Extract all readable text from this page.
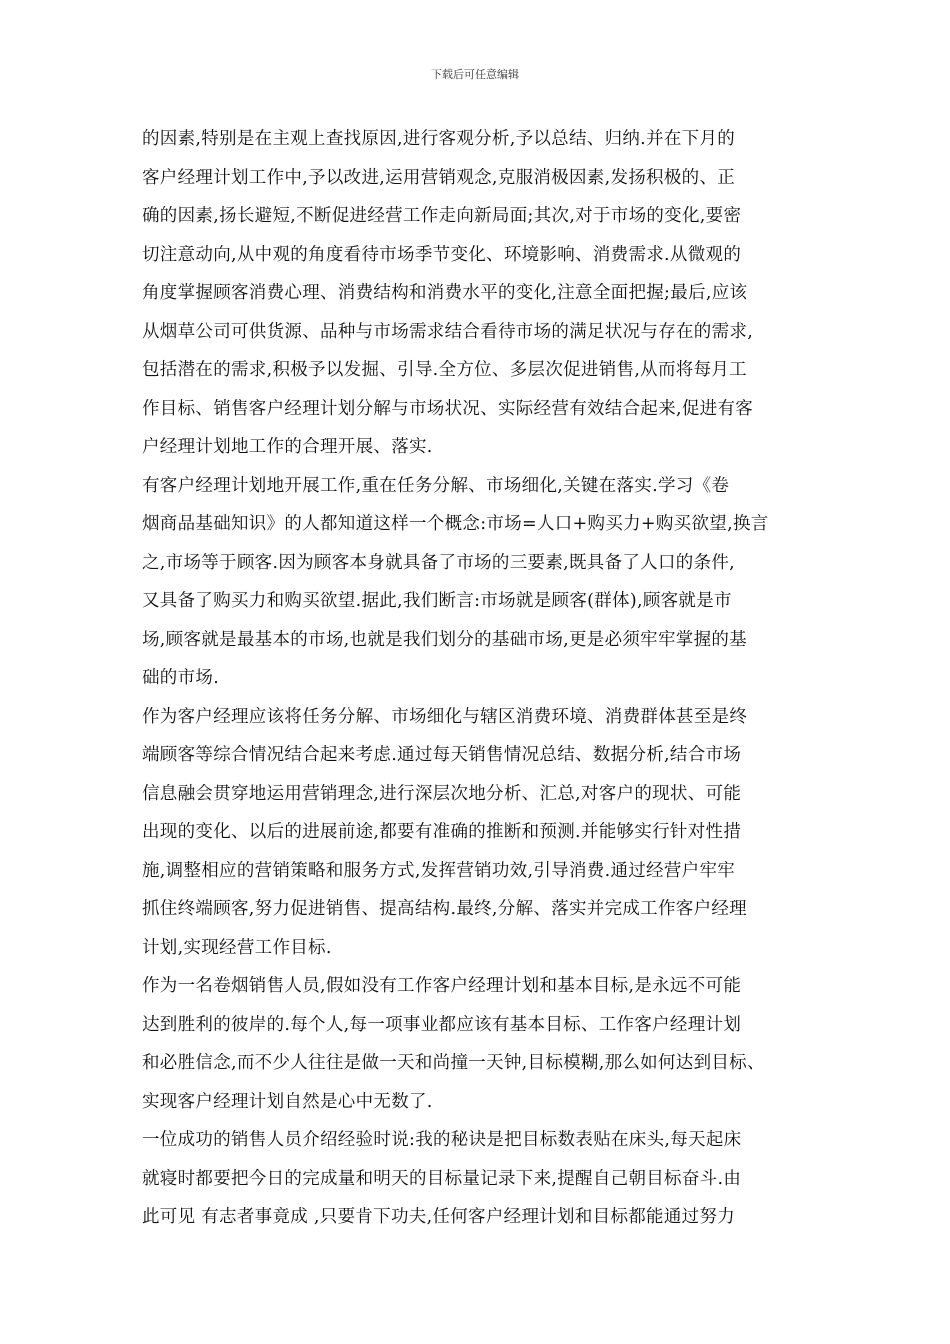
下载后可任意编辑
的因素,特别是在主观上查找原因,进行客观分析,予以总结、归纳.并在下月的
客户经理计划工作中,予以改进,运用营销观念,克服消极因素,发扬积极的、正
确的因素,扬长避短,不断促进经营工作走向新局面;其次,对于市场的变化,要密
切注意动向,从中观的角度看待市场季节变化、环境影响、消费需求.从微观的
角度掌握顾客消费心理、消费结构和消费水平的变化,注意全面把握;最后,应该
从烟草公司可供货源、品种与市场需求结合看待市场的满足状况与存在的需求,
包括潜在的需求,积极予以发掘、引导.全方位、多层次促进销售,从而将每月工
作目标、销售客户经理计划分解与市场状况、实际经营有效结合起来,促进有客
户经理计划地工作的合理开展、落实.
有客户经理计划地开展工作,重在任务分解、市场细化,关键在落实.学习《卷
烟商品基础知识》的人都知道这样一个概念:市场=人口+购买力+购买欲望,换言
之,市场等于顾客.因为顾客本身就具备了市场的三要素,既具备了人口的条件,
又具备了购买力和购买欲望.据此,我们断言:市场就是顾客(群体),顾客就是市
场,顾客就是最基本的市场,也就是我们划分的基础市场,更是必须牢牢掌握的基
础的市场.
作为客户经理应该将任务分解、市场细化与辖区消费环境、消费群体甚至是终
端顾客等综合情况结合起来考虑.通过每天销售情况总结、数据分析,结合市场
信息融会贯穿地运用营销理念,进行深层次地分析、汇总,对客户的现状、可能
出现的变化、以后的进展前途,都要有准确的推断和预测.并能够实行针对性措
施,调整相应的营销策略和服务方式,发挥营销功效,引导消费.通过经营户牢牢
抓住终端顾客,努力促进销售、提高结构.最终,分解、落实并完成工作客户经理
计划,实现经营工作目标.
作为一名卷烟销售人员,假如没有工作客户经理计划和基本目标,是永远不可能
达到胜利的彼岸的.每个人,每一项事业都应该有基本目标、工作客户经理计划
和必胜信念,而不少人往往是做一天和尚撞一天钟,目标模糊,那么如何达到目标、
实现客户经理计划自然是心中无数了.
一位成功的销售人员介绍经验时说:我的秘诀是把目标数表贴在床头,每天起床
就寝时都要把今日的完成量和明天的目标量记录下来,提醒自己朝目标奋斗.由
此可见 有志者事竟成 ,只要肯下功夫,任何客户经理计划和目标都能通过努力
